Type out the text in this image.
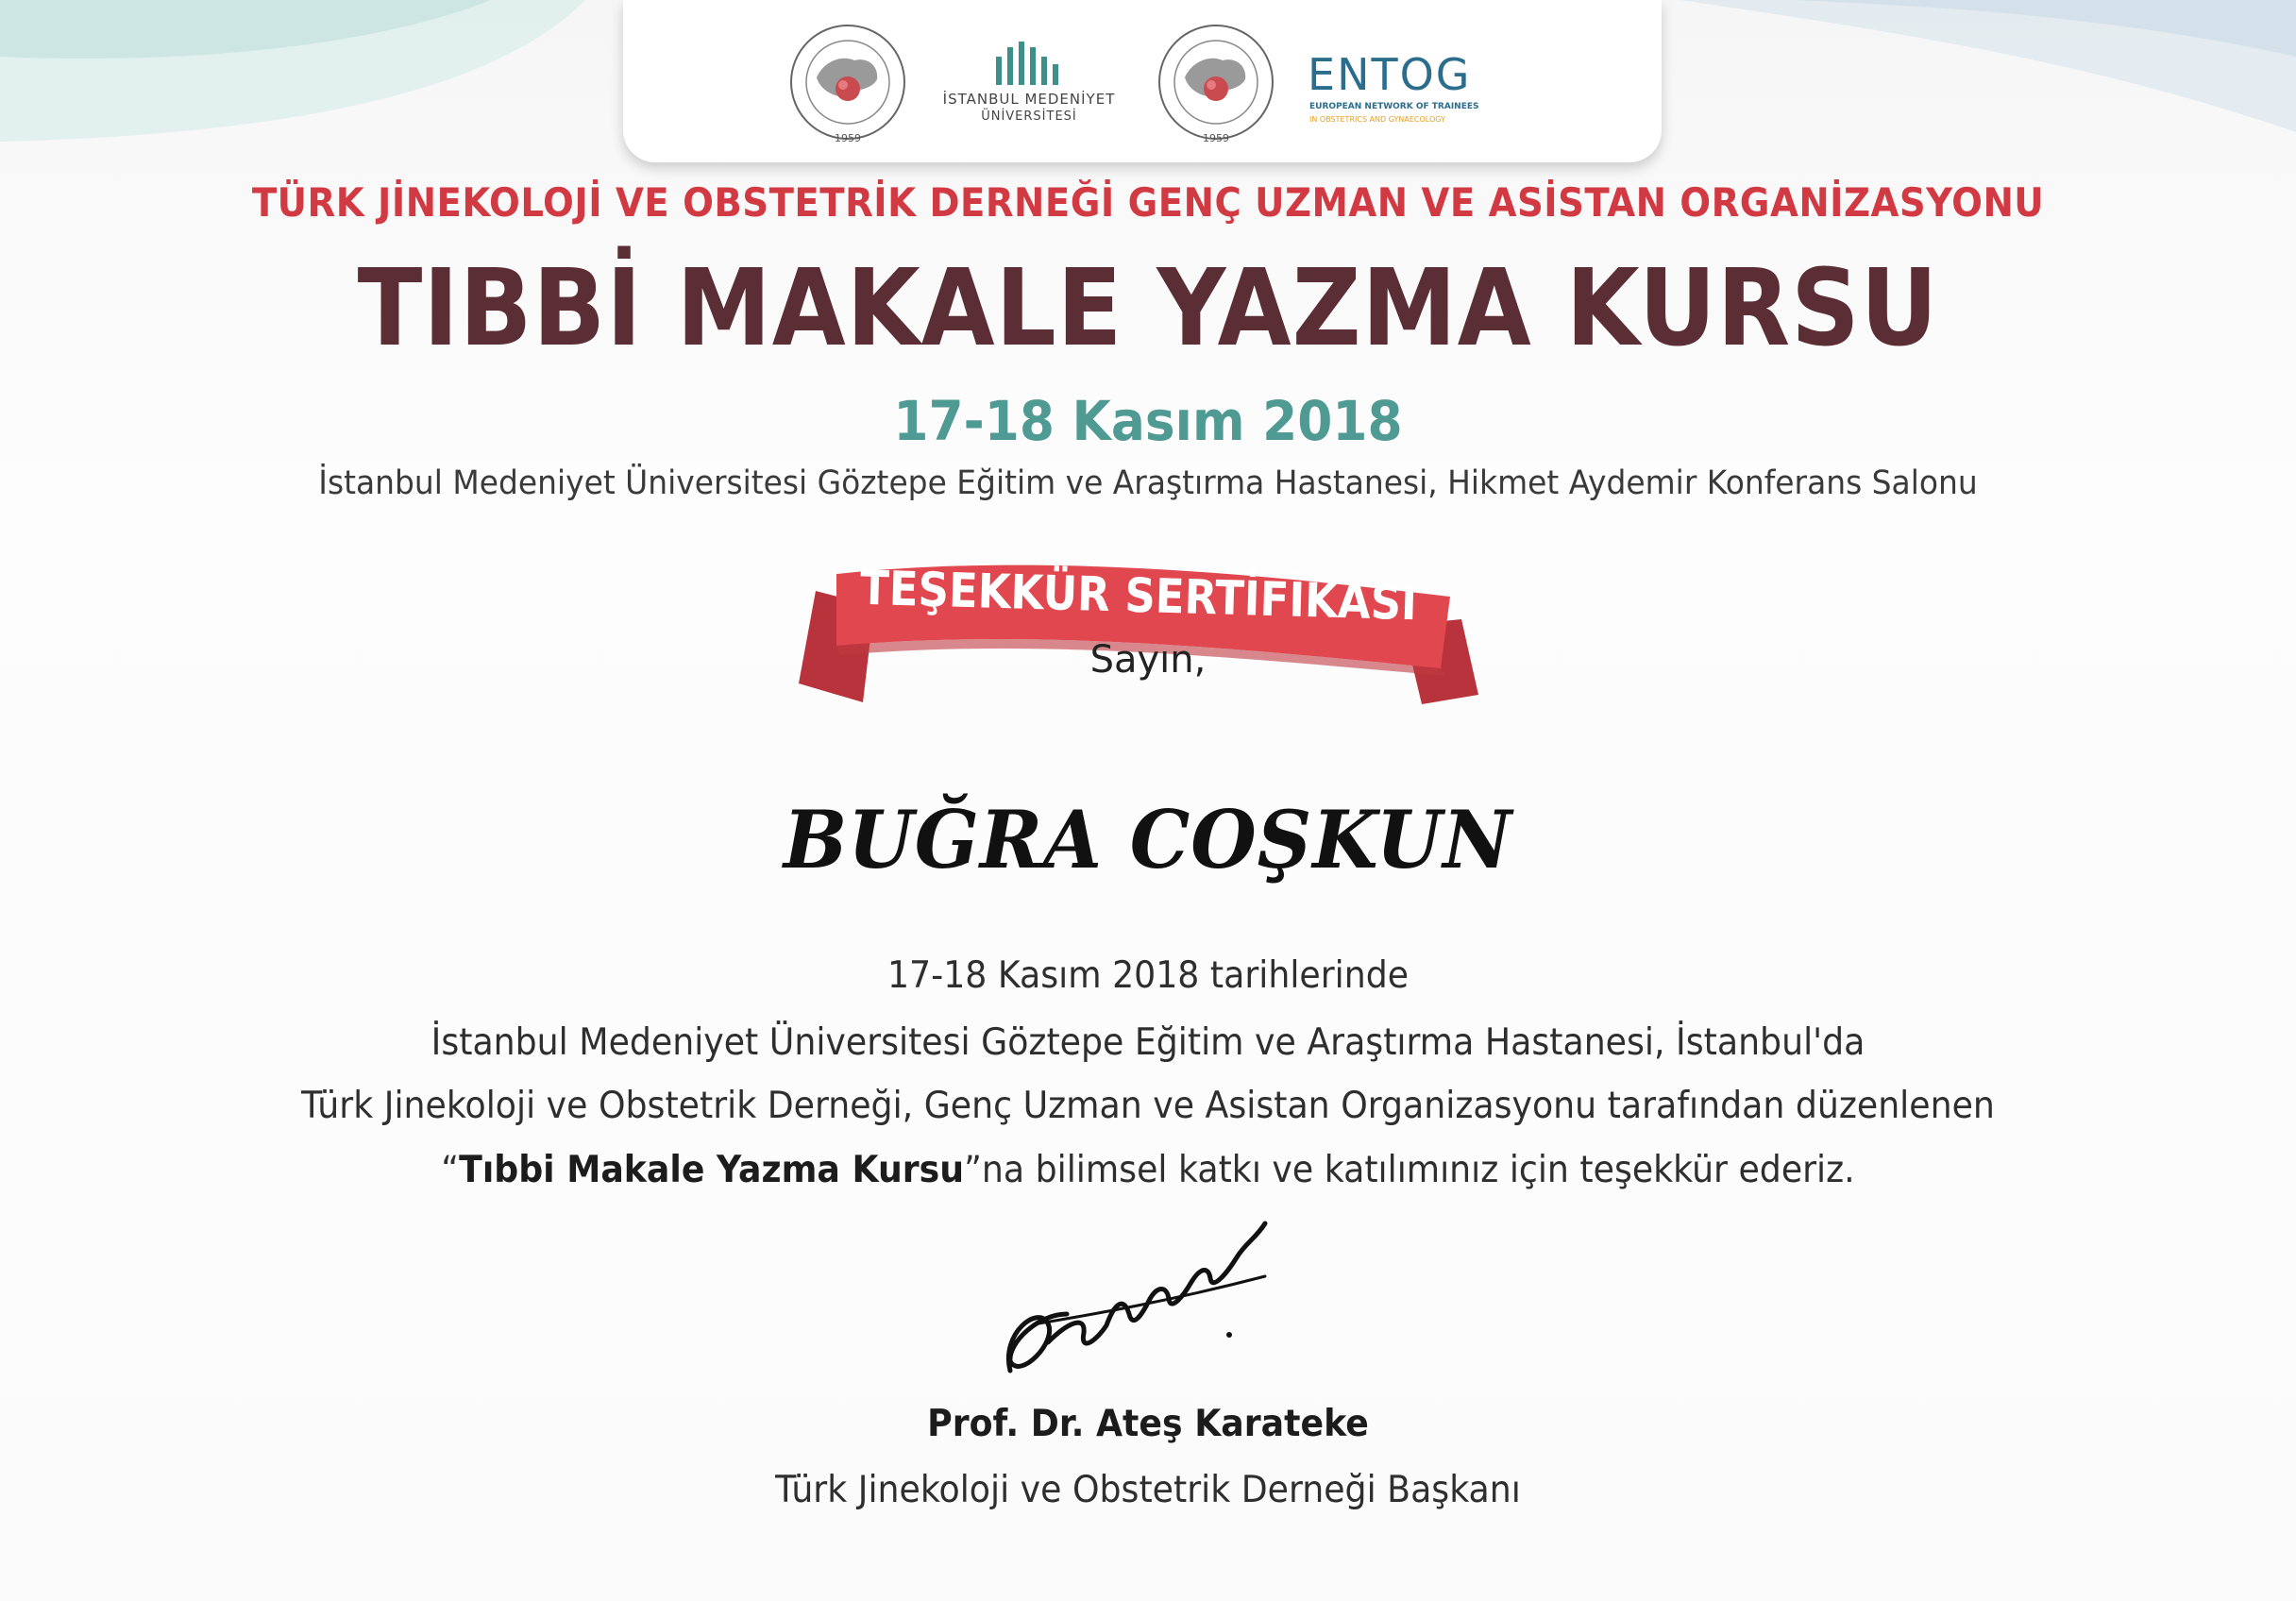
1959
İSTANBUL MEDENİYET
ÜNİVERSİTESİ
1959
ENTOG
EUROPEAN NETWORK OF TRAINEES
IN OBSTETRICS AND GYNAECOLOGY
TÜRK JİNEKOLOJİ VE OBSTETRİK DERNEĞİ GENÇ UZMAN VE ASİSTAN ORGANİZASYONU
TIBBİ MAKALE YAZMA KURSU
17-18 Kasım 2018
İstanbul Medeniyet Üniversitesi Göztepe Eğitim ve Araştırma Hastanesi, Hikmet Aydemir Konferans Salonu
TEŞEKKÜR SERTİFİKASI
Sayın,
BUĞRA COŞKUN
17-18 Kasım 2018 tarihlerinde
İstanbul Medeniyet Üniversitesi Göztepe Eğitim ve Araştırma Hastanesi, İstanbul'da
Türk Jinekoloji ve Obstetrik Derneği, Genç Uzman ve Asistan Organizasyonu tarafından düzenlenen
“Tıbbi Makale Yazma Kursu”na bilimsel katkı ve katılımınız için teşekkür ederiz.
Prof. Dr. Ateş Karateke
Türk Jinekoloji ve Obstetrik Derneği Başkanı
